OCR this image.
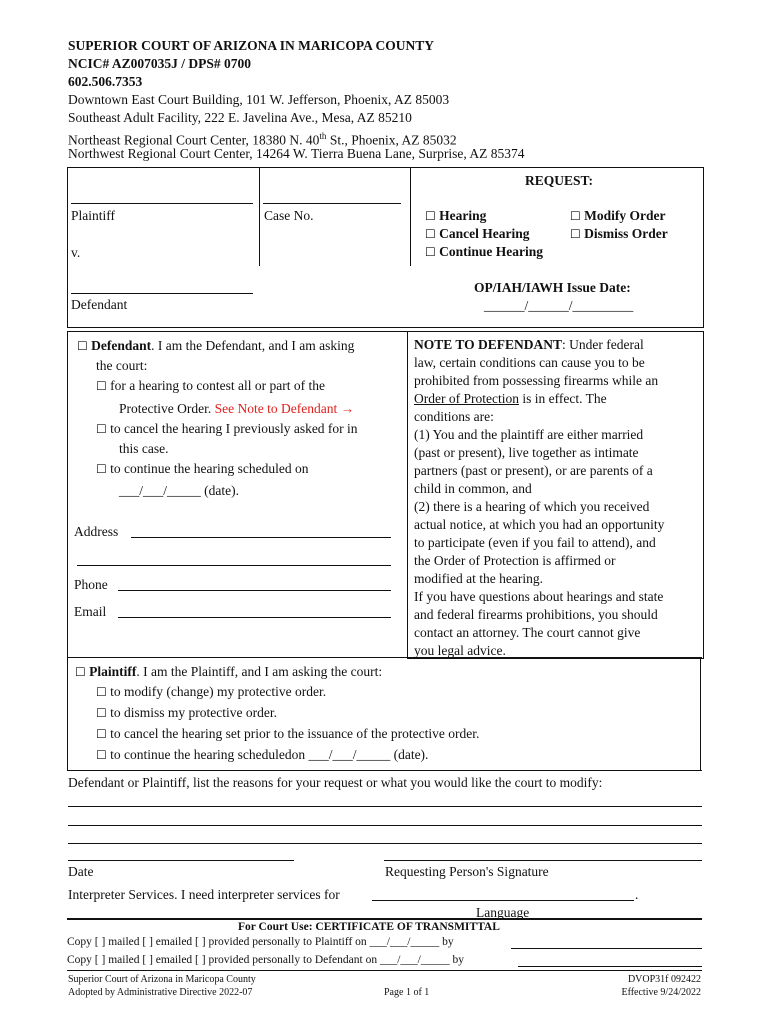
SUPERIOR COURT OF ARIZONA IN MARICOPA COUNTY
NCIC# AZ007035J / DPS# 0700
602.506.7353
Downtown East Court Building, 101 W. Jefferson, Phoenix, AZ 85003
Southeast Adult Facility, 222 E. Javelina Ave., Mesa, AZ 85210
Northeast Regional Court Center, 18380 N. 40th St., Phoenix, AZ 85032
Northwest Regional Court Center, 14264 W. Tierra Buena Lane, Surprise, AZ 85374
Plaintiff
v.
Defendant
Case No.
REQUEST:
☐ Hearing
☐ Cancel Hearing
☐ Continue Hearing
☐ Modify Order
☐ Dismiss Order
OP/IAH/IAWH Issue Date:
______/______/_________
☐ Defendant. I am the Defendant, and I am asking
the court:
☐ for a hearing to contest all or part of the
Protective Order. See Note to Defendant →
☐ to cancel the hearing I previously asked for in
this case.
☐ to continue the hearing scheduled on
___/___/_____ (date).
Address
Phone
Email
NOTE TO DEFENDANT: Under federal
law, certain conditions can cause you to be
prohibited from possessing firearms while an
Order of Protection is in effect. The
conditions are:
(1) You and the plaintiff are either married
(past or present), live together as intimate
partners (past or present), or are parents of a
child in common, and
(2) there is a hearing of which you received
actual notice, at which you had an opportunity
to participate (even if you fail to attend), and
the Order of Protection is affirmed or
modified at the hearing.
If you have questions about hearings and state
and federal firearms prohibitions, you should
contact an attorney. The court cannot give
you legal advice.
☐ Plaintiff. I am the Plaintiff, and I am asking the court:
☐ to modify (change) my protective order.
☐ to dismiss my protective order.
☐ to cancel the hearing set prior to the issuance of the protective order.
☐ to continue the hearing scheduledon ___/___/_____ (date).
Defendant or Plaintiff, list the reasons for your request or what you would like the court to modify:
Date	Requesting Person's Signature
Interpreter Services. I need interpreter services for	.
Language
For Court Use: CERTIFICATE OF TRANSMITTAL
Copy [ ] mailed [ ] emailed [ ] provided personally to Plaintiff on ___/___/_____ by
Copy [ ] mailed [ ] emailed [ ] provided personally to Defendant on ___/___/_____ by
Superior Court of Arizona in Maricopa County
Adopted by Administrative Directive 2022-07	Page 1 of 1
DVOP31f 092422
Effective 9/24/2022
